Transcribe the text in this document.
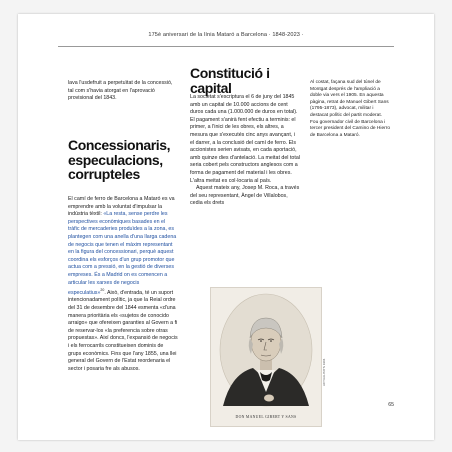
175è aniversari de la línia Mataró a Barcelona · 1848-2023 ·

lava l'usdefruit a perpetuïtat de la concessió, tal com s'havia atorgat en l'aprovació provisional del 1843.

Concessionaris, especulacions, corrupteles

El camí de ferro de Barcelona a Mataró es va emprendre amb la voluntat d'impulsar la indústria tèxtil: «La resta, sense perdre les perspectives econòmiques basades en el tràfic de mercaderies produïdes a la zona, es plantegen com una anella d'una llarga cadena de negocis que tenen el màxim representant en la figura del concessionari, perquè aquest coordina els esforços d'un grup promotor que actua com a pressió, en la gestió de diverses empreses. És a Madrid on es comencen a articular les xarxes de negocis especulatius»$^{20}$. Això, d'entrada, té un suport intencionadament polític, ja que la Reial ordre del 31 de desembre del 1844 esmenta «d'una manera prioritària els «sujetos de conocido arraigo» que ofereixen garanties al Govern a fi de reservar-los «la preferencia sobre otras propuestas». Així doncs, l'expansió de negocis i els ferrocarrils constitueixen dominis de grups econòmics. Fins que l'any 1855, una llei general del Govern de l'Estat reordenaria el sector i posaria fre als abusos.

Constitució i capital

La societat s'escriptura el 6 de juny del 1845 amb un capital de 10.000 accions de cent duros cada una (1.000.000 de duros en total). El pagament s'anirà fent efectiu a terminis: el primer, a l'inici de les obres, els altres, a mesura que s'executés cinc anys avançant, i el darrer, a la conclusió del camí de ferro. Els accionistes serien avisats, en cada aportació, amb quinze dies d'antelació. La meitat del total seria cobert pels constructors anglesos com a forma de pagament del material i les obres. L'altra meitat es col·locaria al país.

Aquest mateix any, Josep M. Roca, a través del seu representant, Àngel de Villalobos, cedia els drets

Al costat, façana sud del túnel de Montgat després de l'ampliació a doble via vers el 1905. En aquesta pàgina, retrat de Manuel Gibert Sans (1795-1873), advocat, militar i destacat polític del partit moderat. Fou governador civil de Barcelona i tercer president del Camino de Hierro de Barcelona a Mataró.

DON MANUEL GIBERT Y SANS
ACTUALITATS 1904
65
